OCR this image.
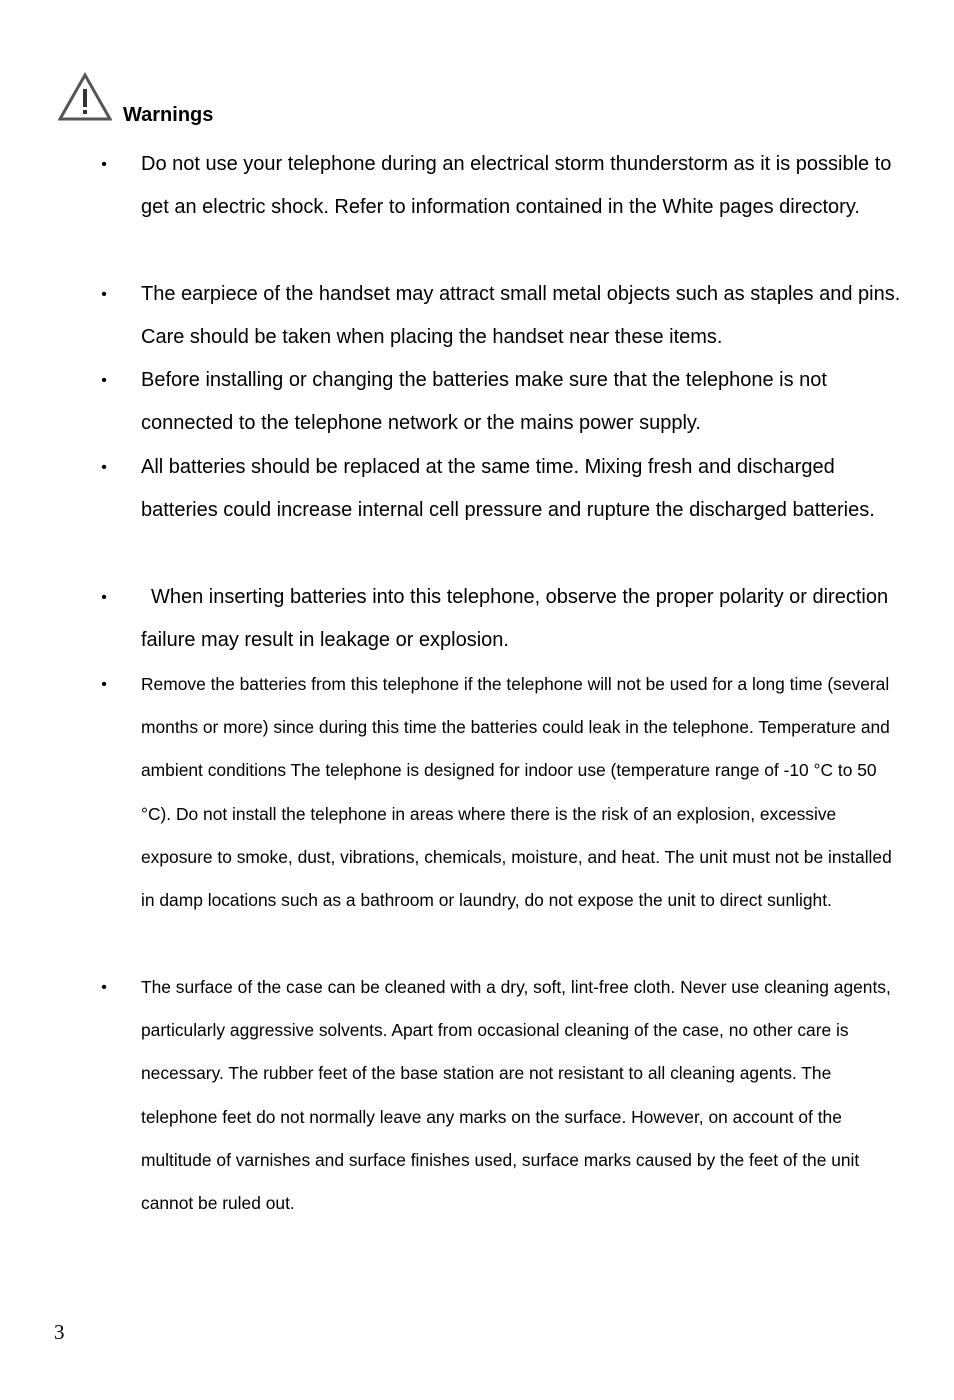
Warnings
• Do not use your telephone during an electrical storm thunderstorm as it is possible to get an electric shock. Refer to information contained in the White pages directory.

• The earpiece of the handset may attract small metal objects such as staples and pins. Care should be taken when placing the handset near these items.

• Before installing or changing the batteries make sure that the telephone is not connected to the telephone network or the mains power supply.

• All batteries should be replaced at the same time. Mixing fresh and discharged batteries could increase internal cell pressure and rupture the discharged batteries.

•	When inserting batteries into this telephone, observe the proper polarity or direction failure may result in leakage or explosion.

• Remove the batteries from this telephone if the telephone will not be used for a long time (several months or more) since during this time the batteries could leak in the telephone. Temperature and ambient conditions The telephone is designed for indoor use (temperature range of -10 °C to 50 °C). Do not install the telephone in areas where there is the risk of an explosion, excessive exposure to smoke, dust, vibrations, chemicals, moisture, and heat. The unit must not be installed in damp locations such as a bathroom or laundry, do not expose the unit to direct sunlight.

• The surface of the case can be cleaned with a dry, soft, lint-free cloth. Never use cleaning agents, particularly aggressive solvents. Apart from occasional cleaning of the case, no other care is necessary. The rubber feet of the base station are not resistant to all cleaning agents. The telephone feet do not normally leave any marks on the surface. However, on account of the multitude of varnishes and surface finishes used, surface marks caused by the feet of the unit cannot be ruled out.

3
